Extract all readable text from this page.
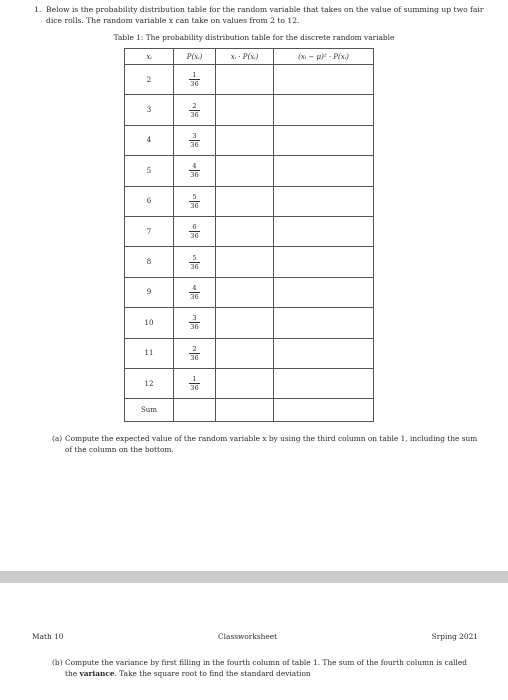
1. Below is the probability distribution table for the random variable that takes on the value of summing up two fair dice rolls. The random variable x can take on values from 2 to 12.
Table 1: The probability distribution table for the discrete random variable
xᵢ	P(xᵢ)	xᵢ · P(xᵢ)	(xᵢ − μ)² · P(xᵢ)
2	$\frac{1}{36}$

3	$\frac{2}{36}$

4	$\frac{3}{36}$

5	$\frac{4}{36}$

6	$\frac{5}{36}$

7	$\frac{6}{36}$

8	$\frac{5}{36}$

9	$\frac{4}{36}$

10	$\frac{3}{36}$

11	$\frac{2}{36}$

12	$\frac{1}{36}$

Sum			
(a) Compute the expected value of the random variable x by using the third column on table 1, including the sum of the column on the bottom.
Math 10	Classworksheet	Srping 2021
(b) Compute the variance by first filling in the fourth column of table 1. The sum of the fourth column is called the variance. Take the square root to find the standard deviation
